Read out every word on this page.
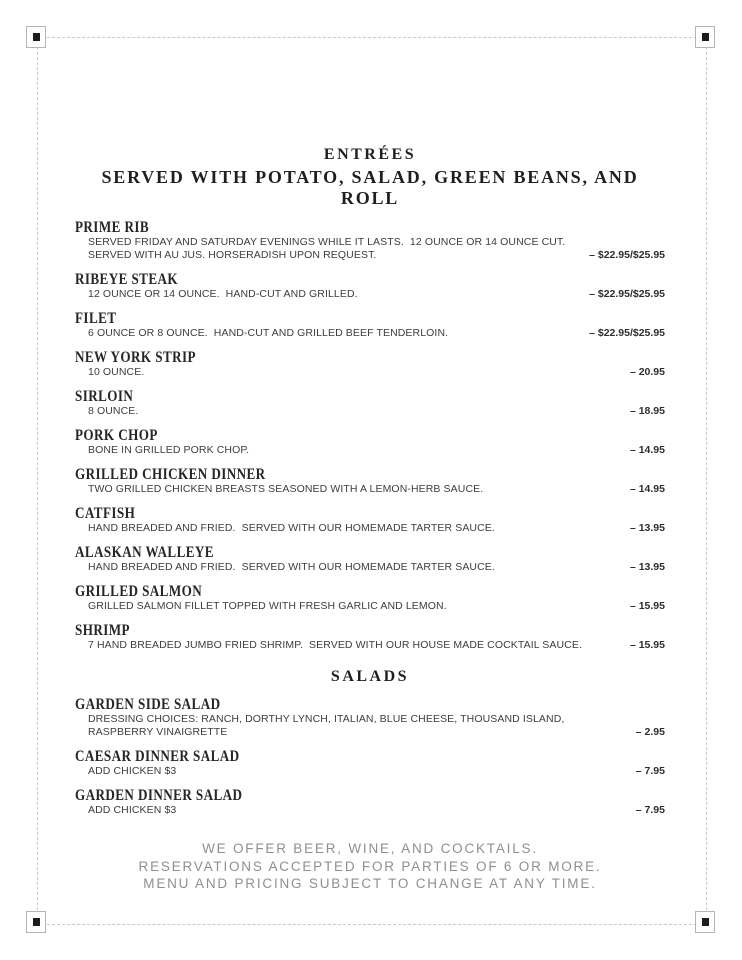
ENTRÉES
SERVED WITH POTATO, SALAD, GREEN BEANS, AND ROLL
PRIME RIB
SERVED FRIDAY AND SATURDAY EVENINGS WHILE IT LASTS.  12 OUNCE OR 14 OUNCE CUT.  SERVED WITH AU JUS. HORSERADISH UPON REQUEST.	– $22.95/$25.95
RIBEYE STEAK
12 OUNCE OR 14 OUNCE.  HAND-CUT AND GRILLED.	– $22.95/$25.95
FILET
6 OUNCE OR 8 OUNCE.  HAND-CUT AND GRILLED BEEF TENDERLOIN.	– $22.95/$25.95
NEW YORK STRIP
10 OUNCE.	– 20.95
SIRLOIN
8 OUNCE.	– 18.95
PORK CHOP
BONE IN GRILLED PORK CHOP.	– 14.95
GRILLED CHICKEN DINNER
TWO GRILLED CHICKEN BREASTS SEASONED WITH A LEMON-HERB SAUCE.	– 14.95
CATFISH
HAND BREADED AND FRIED.  SERVED WITH OUR HOMEMADE TARTER SAUCE.	– 13.95
ALASKAN WALLEYE
HAND BREADED AND FRIED.  SERVED WITH OUR HOMEMADE TARTER SAUCE.	– 13.95
GRILLED SALMON
GRILLED SALMON FILLET TOPPED WITH FRESH GARLIC AND LEMON.	– 15.95
SHRIMP
7 HAND BREADED JUMBO FRIED SHRIMP.  SERVED WITH OUR HOUSE MADE COCKTAIL SAUCE.	– 15.95
SALADS
GARDEN SIDE SALAD
DRESSING CHOICES: RANCH, DORTHY LYNCH, ITALIAN, BLUE CHEESE, THOUSAND ISLAND, RASPBERRY VINAIGRETTE	– 2.95
CAESAR DINNER SALAD
ADD CHICKEN $3	– 7.95
GARDEN DINNER SALAD
ADD CHICKEN $3	– 7.95
WE OFFER BEER, WINE, AND COCKTAILS.
RESERVATIONS ACCEPTED FOR PARTIES OF 6 OR MORE.
MENU AND PRICING SUBJECT TO CHANGE AT ANY TIME.
